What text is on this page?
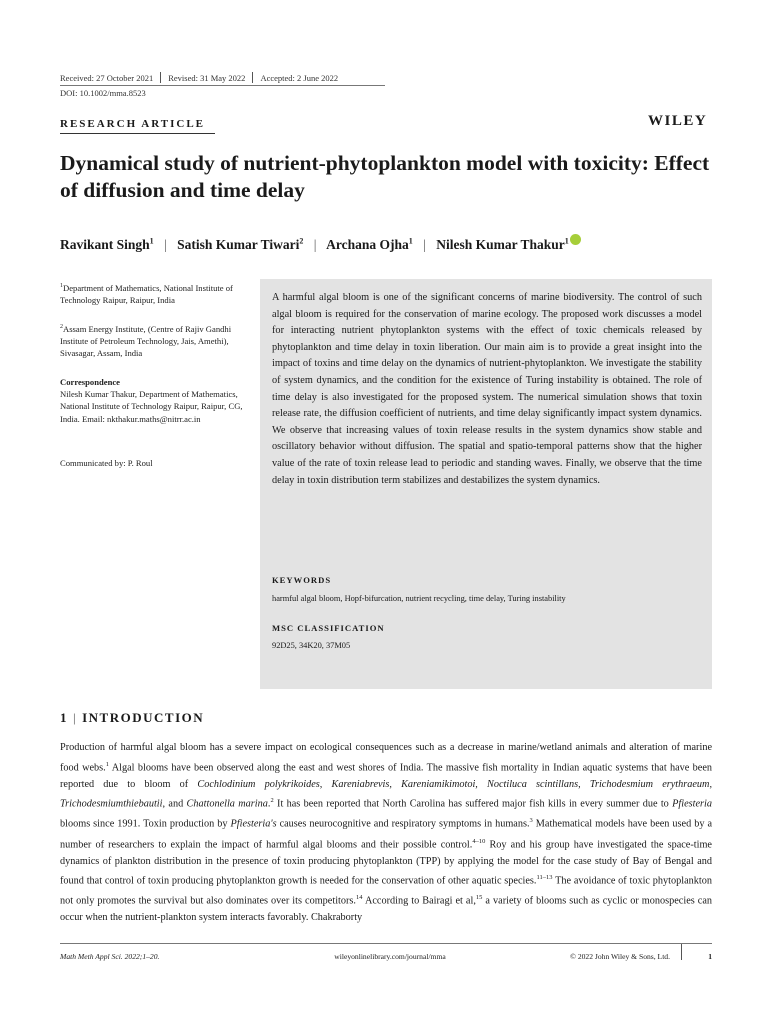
Received: 27 October 2021 Revised: 31 May 2022 Accepted: 2 June 2022
DOI: 10.1002/mma.8523
RESEARCH ARTICLE	WILEY
Dynamical study of nutrient-phytoplankton model with toxicity: Effect of diffusion and time delay
Ravikant Singh$^1$ | Satish Kumar Tiwari$^2$ | Archana Ojha$^1$ | Nilesh Kumar Thakur$^1$
$^1$Department of Mathematics, National Institute of Technology Raipur, Raipur, India
$^2$Assam Energy Institute, (Centre of Rajiv Gandhi Institute of Petroleum Technology, Jais, Amethi), Sivasagar, Assam, India
Correspondence
Nilesh Kumar Thakur, Department of Mathematics, National Institute of Technology Raipur, Raipur, CG, India. Email: nkthakur.maths@nitrr.ac.in
Communicated by: P. Roul
A harmful algal bloom is one of the significant concerns of marine biodiversity. The control of such algal bloom is required for the conservation of marine ecology. The proposed work discusses a model for interacting nutrient phytoplankton systems with the effect of toxic chemicals released by phytoplankton and time delay in toxin liberation. Our main aim is to provide a great insight into the impact of toxins and time delay on the dynamics of nutrient-phytoplankton. We investigate the stability of system dynamics, and the condition for the existence of Turing instability is obtained. The role of time delay is also investigated for the proposed system. The numerical simulation shows that toxin release rate, the diffusion coefficient of nutrients, and time delay significantly impact system dynamics. We observe that increasing values of toxin release results in the system dynamics show stable and oscillatory behavior without diffusion. The spatial and spatio-temporal patterns show that the higher value of the rate of toxin release lead to periodic and standing waves. Finally, we observe that the time delay in toxin distribution term stabilizes and destabilizes the system dynamics.
KEYWORDS
harmful algal bloom, Hopf-bifurcation, nutrient recycling, time delay, Turing instability
MSC CLASSIFICATION
92D25, 34K20, 37M05
1 | INTRODUCTION
Production of harmful algal bloom has a severe impact on ecological consequences such as a decrease in marine/wetland animals and alteration of marine food webs.$^1$ Algal blooms have been observed along the east and west shores of India. The massive fish mortality in Indian aquatic systems that have been reported due to bloom of Cochlodinium polykrikoides, Kareniabrevis, Kareniamikimotoi, Noctiluca scintillans, Trichodesmium erythraeum, Trichodesmiumthiebautii, and Chattonella marina.$^2$ It has been reported that North Carolina has suffered major fish kills in every summer due to Pfiesteria blooms since 1991. Toxin production by Pfiesteria's causes neurocognitive and respiratory symptoms in humans.$^3$ Mathematical models have been used by a number of researchers to explain the impact of harmful algal blooms and their possible control.$^{4-10}$ Roy and his group have investigated the space-time dynamics of plankton distribution in the presence of toxin producing phytoplankton (TPP) by applying the model for the case study of Bay of Bengal and found that control of toxin producing phytoplankton growth is needed for the conservation of other aquatic species.$^{11-13}$ The avoidance of toxic phytoplankton not only promotes the survival but also dominates over its competitors.$^{14}$ According to Bairagi et al,$^{15}$ a variety of blooms such as cyclic or monospecies can occur when the nutrient-plankton system interacts favorably. Chakraborty
Math Meth Appl Sci. 2022;1–20.	wileyonlinelibrary.com/journal/mma	© 2022 John Wiley & Sons, Ltd.	1
